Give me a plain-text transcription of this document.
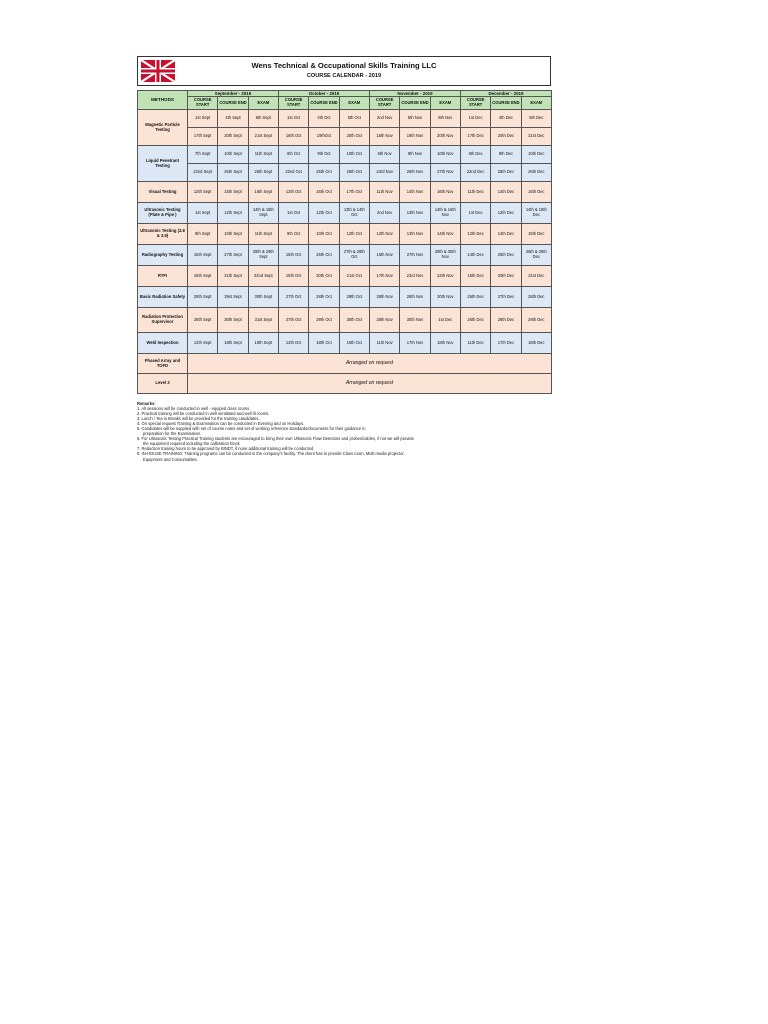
Wens Technical & Occupational Skills Training LLC
COURSE CALENDAR - 2019
METHODS	September - 2019			October - 2019			November - 2019			December - 2019		
	COURSE START	COURSE END	EXAM	COURSE START	COURSE END	EXAM	COURSE START	COURSE END	EXAM	COURSE START	COURSE END	EXAM
Magnetic Particle Testing	1st Sept	4th Sept	5th Sept	1st Oct	4th Oct	5th Oct	2nd Nov	5th Nov	6th Nov	1st Dec	4th Dec	5th Dec
	17th Sept	20th Sept	21st Sept	16th Oct	19thOct	20th Oct	16th Nov	19th Nov	20th Nov	17th Dec	20th Dec	21st Dec
Liquid Penetrant Testing	7th Sept	10th Sept	11th Sept	6th Oct	9th Oct	10th Oct	6th Nov	9th Nov	10th Nov	6th Dec	9th Dec	10th Dec
	22nd Sept	25th Sept	26th Sept	22nd Oct	25th Oct	26th Oct	23rd Nov	26th Nov	27th Nov	22nd Dec	25th Dec	26th Dec
Visual Testing	12th Sept	15th Sept	16th Sept	13th Oct	16th Oct	17th Oct	11th Nov	14th Nov	16th Nov	11th Dec	14th Dec	15th Dec
Ultrasonic Testing (Plate & Pipe )	1st Sept	12th Sept	14th & 15th Sept	1st Oct	12th Oct	13th & 14th Oct	2nd Nov	13th Nov	14th & 16th Nov	1st Dec	12th Dec	14th & 15th Dec
Ultrasonic Testing (3.8 & 3.9)	9th Sept	10th Sept	11th Sept	9th Oct	10th Oct	12th Oct	12th Nov	13th Nov	14th Nov	12th Dec	14th Dec	15th Dec
Radiography Testing	16th Sept	27th Sept	28th & 29th Sept	15th Oct	26th Oct	27th & 28th Oct	16th Nov	27th Nov	28th & 30th Nov	14th Dec	25th Dec	26th & 28th Dec
RTFI	16th Sept	21th Sept	22nd Sept	15th Oct	20th Oct	21st Oct	17th Nov	23rd Nov	24th Nov	15th Dec	20th Dec	21st Dec
Basic Radiation Safety	28th Sept	29st Sept	30th Sept	27th Oct	28th Oct	29th Oct	28th Nov	29th Nov	30th Nov	26th Dec	27th Dec	28th Dec
Radiation Protection Supervisor	28th Sept	30th Sept	31st Sept	27th Oct	29th Oct	30th Oct	28th Nov	30th Nov	1st Dec	26th Dec	28th Dec	29th Dec
Weld Inspection	12th Sept	18th Sept	19th Sept	12th Oct	18th Oct	19th Oct	11th Nov	17th Nov	18th Nov	11th Dec	17th Dec	18th Dec
Phased Array and TOFD	Arranged on request											
Level 3	Arranged on request											
Remarks:
1. All sessions will be conducted in well - equiped class rooms.
2. Practical training will be conducted in well ventilated and well lit rooms.
3. Lunch / Tea in Breaks will be provided for the training candidates.
4. On special request Training & Examination can be conducted in Evening and on Holidays.
5. Candidates will be supplied with set of course notes and set of working reference standards/documents for their guidance in
preparation for the Examination.
6. For Ultrasonic Testing Practical Training students are encouraged to bring their own Ultrasonic Flaw Detectors and probes/cables, if not we will provide
the equipment required including the calibration block
7. Reduction training hours to be approved by BINDT, if none additional training will be conducted.
8. IN-HOUSE TRAINING: Training programs can be conducted in the company's facility. The client has to provide Class room, Multi media projector,
Equipment and Consumables.
